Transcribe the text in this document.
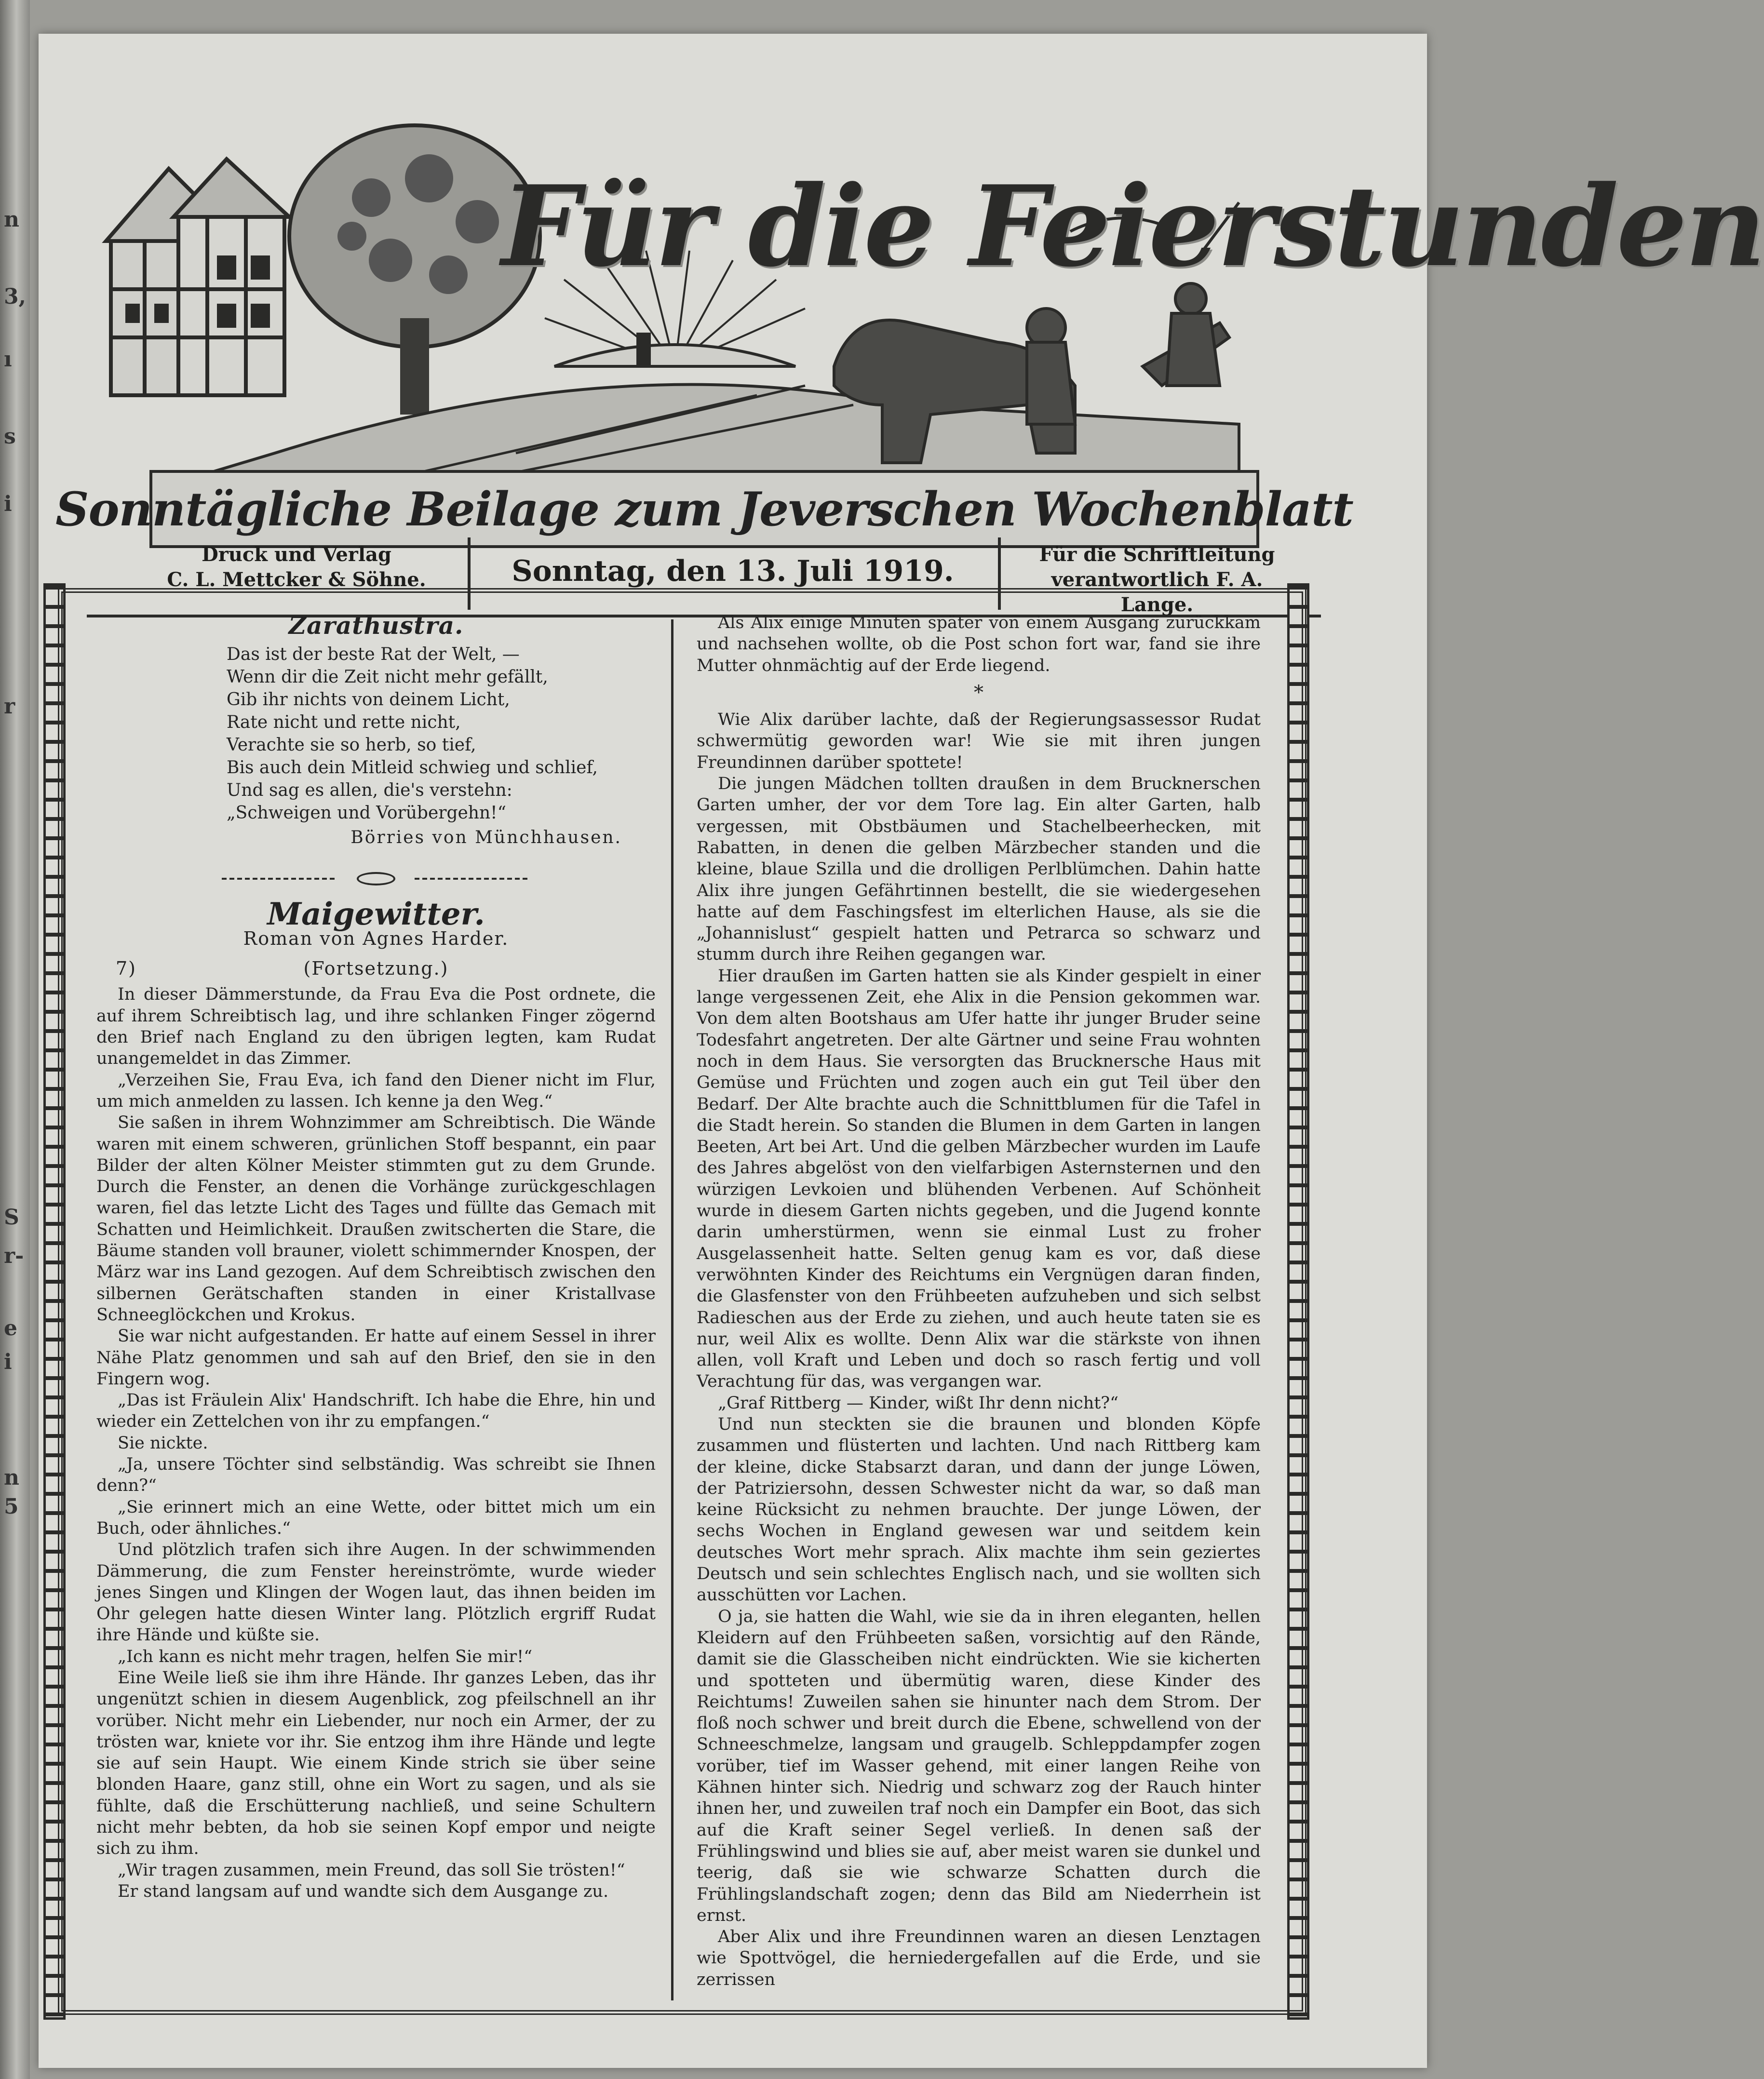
n
3,
ı
s
i
r
S
r-
e
i
n
5
Für die Feierstunden
Sonntägliche Beilage zum Jeverschen Wochenblatt
Druck und Verlag
C. L. Mettcker & Söhne.	Sonntag, den 13. Juli 1919.	Für die Schriftleitung
verantwortlich F. A. Lange.
Zarathustra.
Das ist der beste Rat der Welt, —
Wenn dir die Zeit nicht mehr gefällt,
Gib ihr nichts von deinem Licht,
Rate nicht und rette nicht,
Verachte sie so herb, so tief,
Bis auch dein Mitleid schwieg und schlief,
Und sag es allen, die's verstehn:
„Schweigen und Vorübergehn!“
Börries von Münchhausen.
Maigewitter.
Roman von Agnes Harder.
7)	(Fortsetzung.)

In dieser Dämmerstunde, da Frau Eva die Post ordnete, die auf ihrem Schreibtisch lag, und ihre schlanken Finger zögernd den Brief nach England zu den übrigen legten, kam Rudat unangemeldet in das Zimmer.

„Verzeihen Sie, Frau Eva, ich fand den Diener nicht im Flur, um mich anmelden zu lassen. Ich kenne ja den Weg.“

Sie saßen in ihrem Wohnzimmer am Schreibtisch. Die Wände waren mit einem schweren, grünlichen Stoff bespannt, ein paar Bilder der alten Kölner Meister stimmten gut zu dem Grunde. Durch die Fenster, an denen die Vorhänge zurückgeschlagen waren, fiel das letzte Licht des Tages und füllte das Gemach mit Schatten und Heimlichkeit. Draußen zwitscherten die Stare, die Bäume standen voll brauner, violett schimmernder Knospen, der März war ins Land gezogen. Auf dem Schreibtisch zwischen den silbernen Gerätschaften standen in einer Kristallvase Schneeglöckchen und Krokus.

Sie war nicht aufgestanden. Er hatte auf einem Sessel in ihrer Nähe Platz genommen und sah auf den Brief, den sie in den Fingern wog.

„Das ist Fräulein Alix' Handschrift. Ich habe die Ehre, hin und wieder ein Zettelchen von ihr zu empfangen.“

Sie nickte.

„Ja, unsere Töchter sind selbständig. Was schreibt sie Ihnen denn?“

„Sie erinnert mich an eine Wette, oder bittet mich um ein Buch, oder ähnliches.“

Und plötzlich trafen sich ihre Augen. In der schwimmenden Dämmerung, die zum Fenster hereinströmte, wurde wieder jenes Singen und Klingen der Wogen laut, das ihnen beiden im Ohr gelegen hatte diesen Winter lang. Plötzlich ergriff Rudat ihre Hände und küßte sie.

„Ich kann es nicht mehr tragen, helfen Sie mir!“

Eine Weile ließ sie ihm ihre Hände. Ihr ganzes Leben, das ihr ungenützt schien in diesem Augenblick, zog pfeilschnell an ihr vorüber. Nicht mehr ein Liebender, nur noch ein Armer, der zu trösten war, kniete vor ihr. Sie entzog ihm ihre Hände und legte sie auf sein Haupt. Wie einem Kinde strich sie über seine blonden Haare, ganz still, ohne ein Wort zu sagen, und als sie fühlte, daß die Erschütterung nachließ, und seine Schultern nicht mehr bebten, da hob sie seinen Kopf empor und neigte sich zu ihm.

„Wir tragen zusammen, mein Freund, das soll Sie trösten!“

Er stand langsam auf und wandte sich dem Ausgange zu.

Als Alix einige Minuten später von einem Ausgang zurückkam und nachsehen wollte, ob die Post schon fort war, fand sie ihre Mutter ohnmächtig auf der Erde liegend.

*

Wie Alix darüber lachte, daß der Regierungsassessor Rudat schwermütig geworden war! Wie sie mit ihren jungen Freundinnen darüber spottete!

Die jungen Mädchen tollten draußen in dem Brucknerschen Garten umher, der vor dem Tore lag. Ein alter Garten, halb vergessen, mit Obstbäumen und Stachelbeerhecken, mit Rabatten, in denen die gelben Märzbecher standen und die kleine, blaue Szilla und die drolligen Perlblümchen. Dahin hatte Alix ihre jungen Gefährtinnen bestellt, die sie wiedergesehen hatte auf dem Faschingsfest im elterlichen Hause, als sie die „Johannislust“ gespielt hatten und Petrarca so schwarz und stumm durch ihre Reihen gegangen war.

Hier draußen im Garten hatten sie als Kinder gespielt in einer lange vergessenen Zeit, ehe Alix in die Pension gekommen war. Von dem alten Bootshaus am Ufer hatte ihr junger Bruder seine Todesfahrt angetreten. Der alte Gärtner und seine Frau wohnten noch in dem Haus. Sie versorgten das Brucknersche Haus mit Gemüse und Früchten und zogen auch ein gut Teil über den Bedarf. Der Alte brachte auch die Schnittblumen für die Tafel in die Stadt herein. So standen die Blumen in dem Garten in langen Beeten, Art bei Art. Und die gelben Märzbecher wurden im Laufe des Jahres abgelöst von den vielfarbigen Asternsternen und den würzigen Levkoien und blühenden Verbenen. Auf Schönheit wurde in diesem Garten nichts gegeben, und die Jugend konnte darin umherstürmen, wenn sie einmal Lust zu froher Ausgelassenheit hatte. Selten genug kam es vor, daß diese verwöhnten Kinder des Reichtums ein Vergnügen daran finden, die Glasfenster von den Frühbeeten aufzuheben und sich selbst Radieschen aus der Erde zu ziehen, und auch heute taten sie es nur, weil Alix es wollte. Denn Alix war die stärkste von ihnen allen, voll Kraft und Leben und doch so rasch fertig und voll Verachtung für das, was vergangen war.

„Graf Rittberg — Kinder, wißt Ihr denn nicht?“

Und nun steckten sie die braunen und blonden Köpfe zusammen und flüsterten und lachten. Und nach Rittberg kam der kleine, dicke Stabsarzt daran, und dann der junge Löwen, der Patriziersohn, dessen Schwester nicht da war, so daß man keine Rücksicht zu nehmen brauchte. Der junge Löwen, der sechs Wochen in England gewesen war und seitdem kein deutsches Wort mehr sprach. Alix machte ihm sein geziertes Deutsch und sein schlechtes Englisch nach, und sie wollten sich ausschütten vor Lachen.

O ja, sie hatten die Wahl, wie sie da in ihren eleganten, hellen Kleidern auf den Frühbeeten saßen, vorsichtig auf den Rände, damit sie die Glasscheiben nicht eindrückten. Wie sie kicherten und spotteten und übermütig waren, diese Kinder des Reichtums! Zuweilen sahen sie hinunter nach dem Strom. Der floß noch schwer und breit durch die Ebene, schwellend von der Schneeschmelze, langsam und graugelb. Schleppdampfer zogen vorüber, tief im Wasser gehend, mit einer langen Reihe von Kähnen hinter sich. Niedrig und schwarz zog der Rauch hinter ihnen her, und zuweilen traf noch ein Dampfer ein Boot, das sich auf die Kraft seiner Segel verließ. In denen saß der Frühlingswind und blies sie auf, aber meist waren sie dunkel und teerig, daß sie wie schwarze Schatten durch die Frühlingslandschaft zogen; denn das Bild am Niederrhein ist ernst.

Aber Alix und ihre Freundinnen waren an diesen Lenztagen wie Spottvögel, die herniedergefallen auf die Erde, und sie zerrissen
